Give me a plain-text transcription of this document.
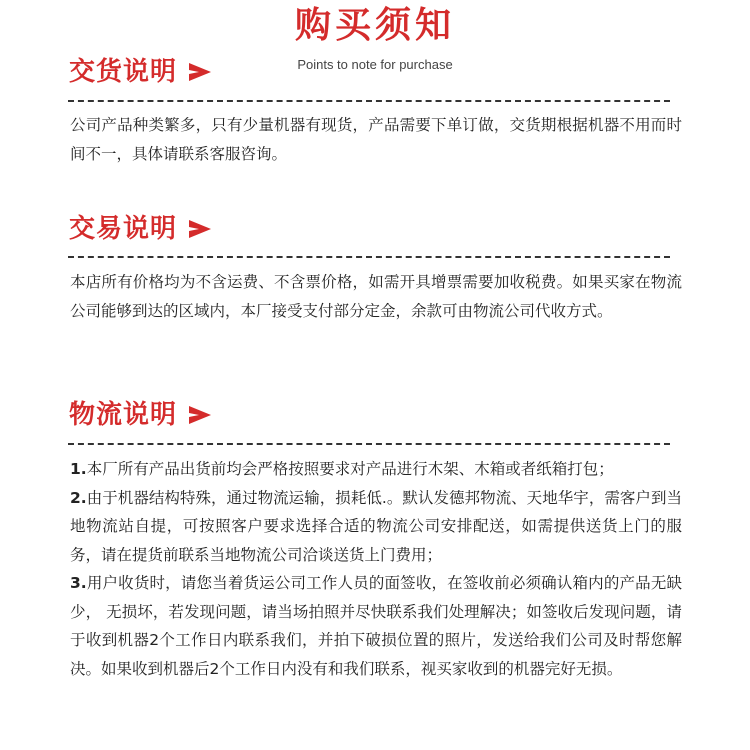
购买须知
Points to note for purchase
交货说明

公司产品种类繁多，只有少量机器有现货，产品需要下单订做，交货期根据机器不用而时间不一，具体请联系客服咨询。

交易说明

本店所有价格均为不含运费、不含票价格，如需开具增票需要加收税费。如果买家在物流公司能够到达的区域内，本厂接受支付部分定金，余款可由物流公司代收方式。

物流说明

1.本厂所有产品出货前均会严格按照要求对产品进行木架、木箱或者纸箱打包；

2.由于机器结构特殊，通过物流运输，损耗低.。默认发德邦物流、天地华宇，需客户到当地物流站自提，可按照客户要求选择合适的物流公司安排配送，如需提供送货上门的服务，请在提货前联系当地物流公司洽谈送货上门费用；

3.用户收货时，请您当着货运公司工作人员的面签收，在签收前必须确认箱内的产品无缺少， 无损坏，若发现问题，请当场拍照并尽快联系我们处理解决；如签收后发现问题，请于收到机器2个工作日内联系我们，并拍下破损位置的照片，发送给我们公司及时帮您解决。如果收到机器后2个工作日内没有和我们联系，视买家收到的机器完好无损。
